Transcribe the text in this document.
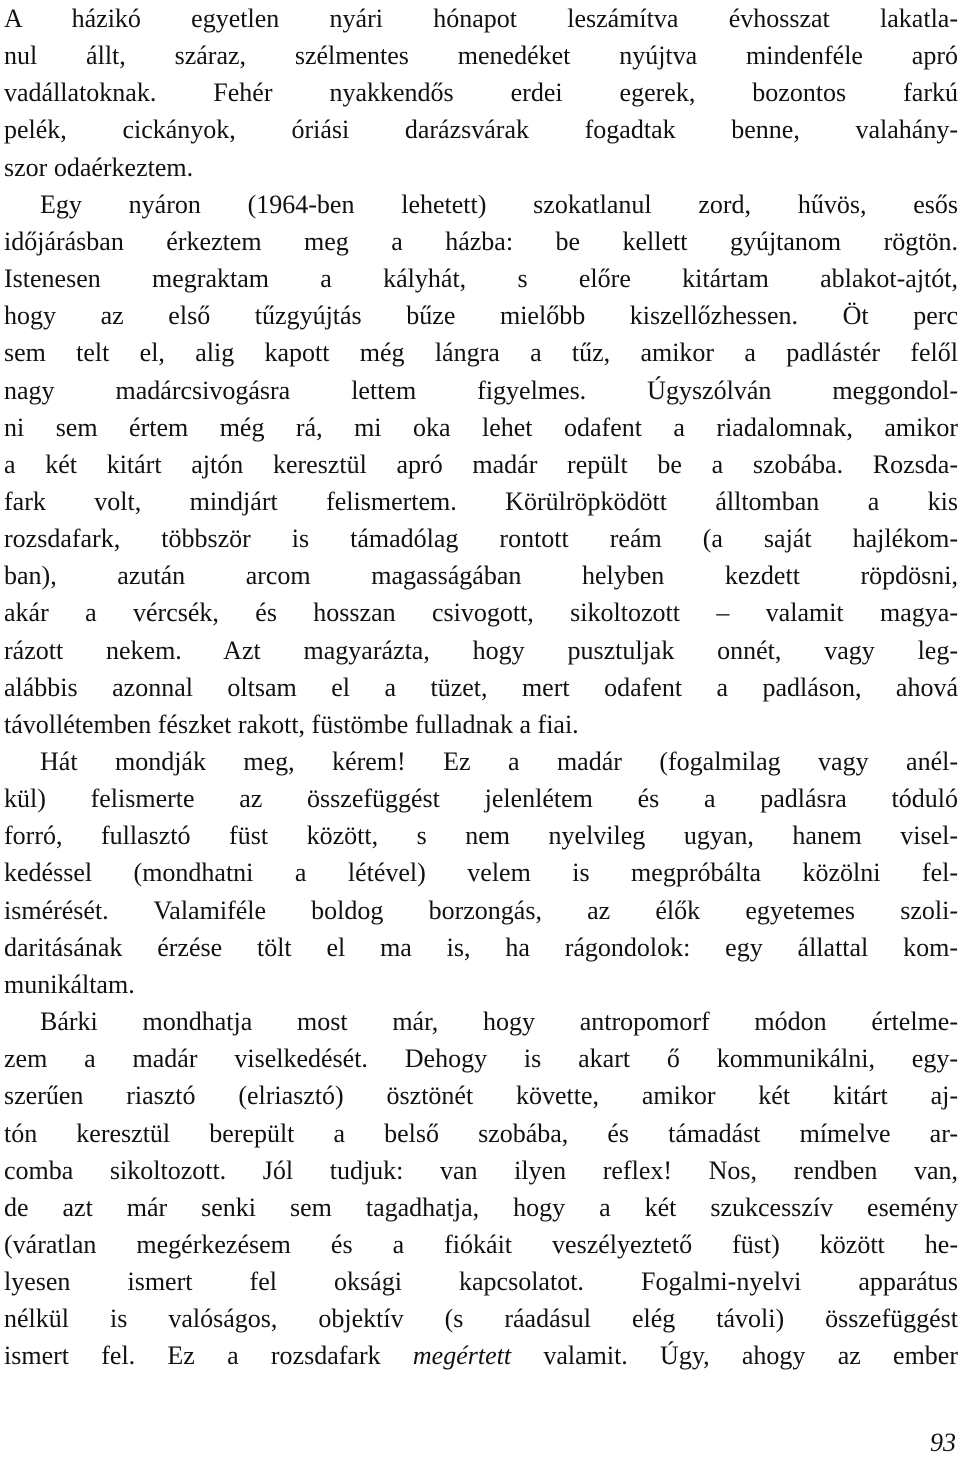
A házikó egyetlen nyári hónapot leszámítva évhosszat lakatla-
nul állt, száraz, szélmentes menedéket nyújtva mindenféle apró
vadállatoknak. Fehér nyakkendős erdei egerek, bozontos farkú
pelék, cickányok, óriási darázsvárak fogadtak benne, valahány-
szor odaérkeztem.
Egy nyáron (1964-ben lehetett) szokatlanul zord, hűvös, esős
időjárásban érkeztem meg a házba: be kellett gyújtanom rögtön.
Istenesen megraktam a kályhát, s előre kitártam ablakot-ajtót,
hogy az első tűzgyújtás bűze mielőbb kiszellőzhessen. Öt perc
sem telt el, alig kapott még lángra a tűz, amikor a padlástér felől
nagy madárcsivogásra lettem figyelmes. Úgyszólván meggondol-
ni sem értem még rá, mi oka lehet odafent a riadalomnak, amikor
a két kitárt ajtón keresztül apró madár repült be a szobába. Rozsda-
fark volt, mindjárt felismertem. Körülröpködött álltomban a kis
rozsdafark, többször is támadólag rontott reám (a saját hajlékom-
ban), azután arcom magasságában helyben kezdett röpdösni,
akár a vércsék, és hosszan csivogott, sikoltozott – valamit magya-
rázott nekem. Azt magyarázta, hogy pusztuljak onnét, vagy leg-
alábbis azonnal oltsam el a tüzet, mert odafent a padláson, ahová
távollétemben fészket rakott, füstömbe fulladnak a fiai.
Hát mondják meg, kérem! Ez a madár (fogalmilag vagy anél-
kül) felismerte az összefüggést jelenlétem és a padlásra tóduló
forró, fullasztó füst között, s nem nyelvileg ugyan, hanem visel-
kedéssel (mondhatni a létével) velem is megpróbálta közölni fel-
ismérését. Valamiféle boldog borzongás, az élők egyetemes szoli-
daritásának érzése tölt el ma is, ha rágondolok: egy állattal kom-
munikáltam.
Bárki mondhatja most már, hogy antropomorf módon értelme-
zem a madár viselkedését. Dehogy is akart ő kommunikálni, egy-
szerűen riasztó (elriasztó) ösztönét követte, amikor két kitárt aj-
tón keresztül berepült a belső szobába, és támadást mímelve ar-
comba sikoltozott. Jól tudjuk: van ilyen reflex! Nos, rendben van,
de azt már senki sem tagadhatja, hogy a két szukcesszív esemény
(váratlan megérkezésem és a fiókáit veszélyeztető füst) között he-
lyesen ismert fel oksági kapcsolatot. Fogalmi-nyelvi apparátus
nélkül is valóságos, objektív (s ráadásul elég távoli) összefüggést
ismert fel. Ez a rozsdafark megértett valamit. Úgy, ahogy az ember
93
